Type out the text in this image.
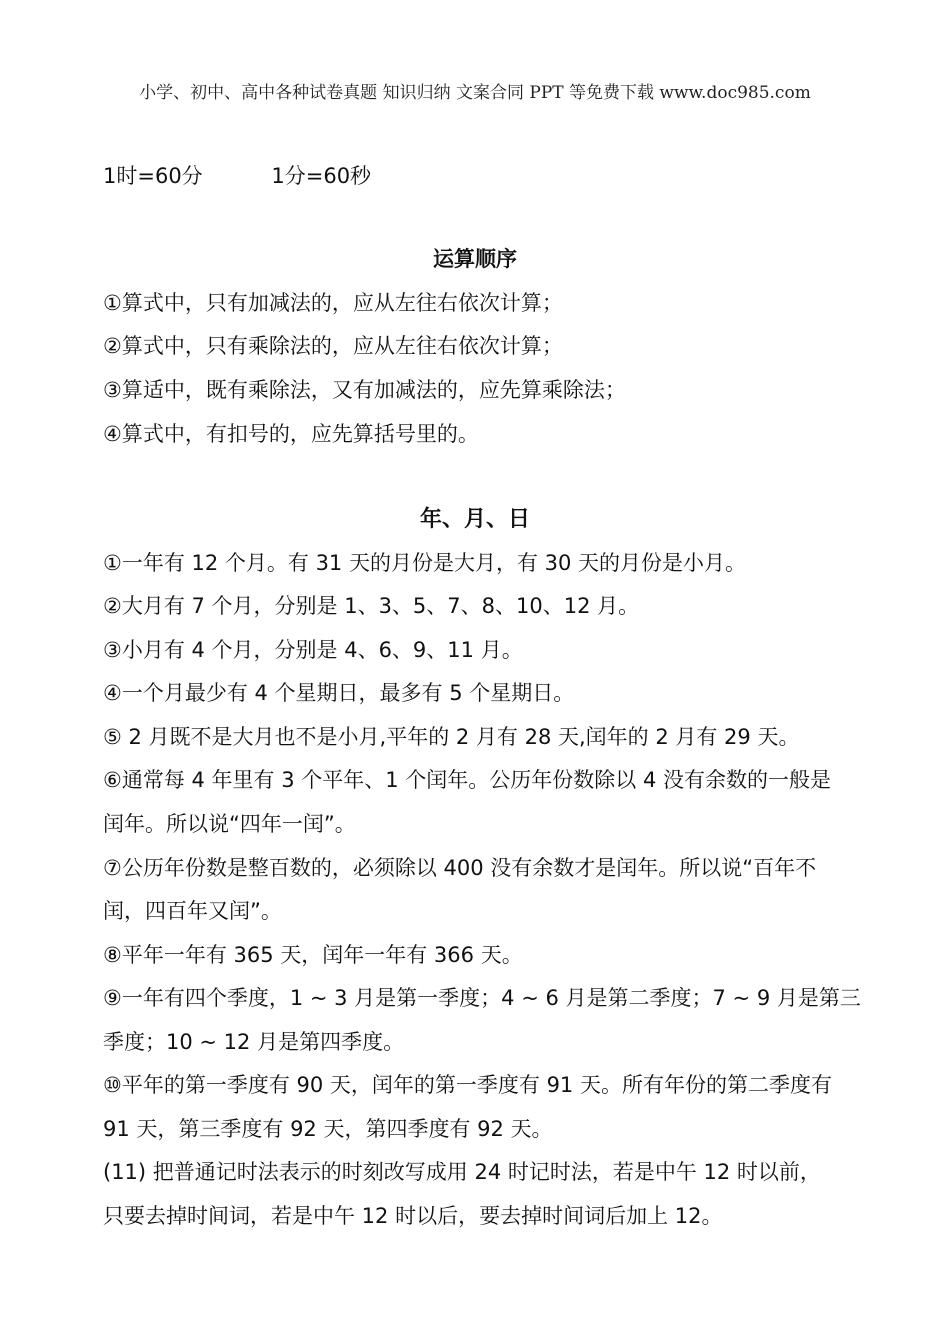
小学、初中、高中各种试卷真题 知识归纳 文案合同 PPT 等免费下载 www.doc985.com
1时=60分	1分=60秒
运算顺序
①算式中，只有加减法的，应从左往右依次计算；
②算式中，只有乘除法的，应从左往右依次计算；
③算适中，既有乘除法，又有加减法的，应先算乘除法；
④算式中，有扣号的，应先算括号里的。
年、月、日
①一年有 12 个月。有 31 天的月份是大月，有 30 天的月份是小月。
②大月有 7 个月，分别是 1、3、5、7、8、10、12 月。
③小月有 4 个月，分别是 4、6、9、11 月。
④一个月最少有 4 个星期日，最多有 5 个星期日。
⑤ 2 月既不是大月也不是小月,平年的 2 月有 28 天,闰年的 2 月有 29 天。
⑥通常每 4 年里有 3 个平年、1 个闰年。公历年份数除以 4 没有余数的一般是
闰年。所以说“四年一闰”。
⑦公历年份数是整百数的，必须除以 400 没有余数才是闰年。所以说“百年不
闰，四百年又闰”。
⑧平年一年有 365 天，闰年一年有 366 天。
⑨一年有四个季度，1 ~ 3 月是第一季度；4 ~ 6 月是第二季度；7 ~ 9 月是第三
季度；10 ~ 12 月是第四季度。
⑩平年的第一季度有 90 天，闰年的第一季度有 91 天。所有年份的第二季度有
91 天，第三季度有 92 天，第四季度有 92 天。
(11) 把普通记时法表示的时刻改写成用 24 时记时法，若是中午 12 时以前，
只要去掉时间词，若是中午 12 时以后，要去掉时间词后加上 12。
